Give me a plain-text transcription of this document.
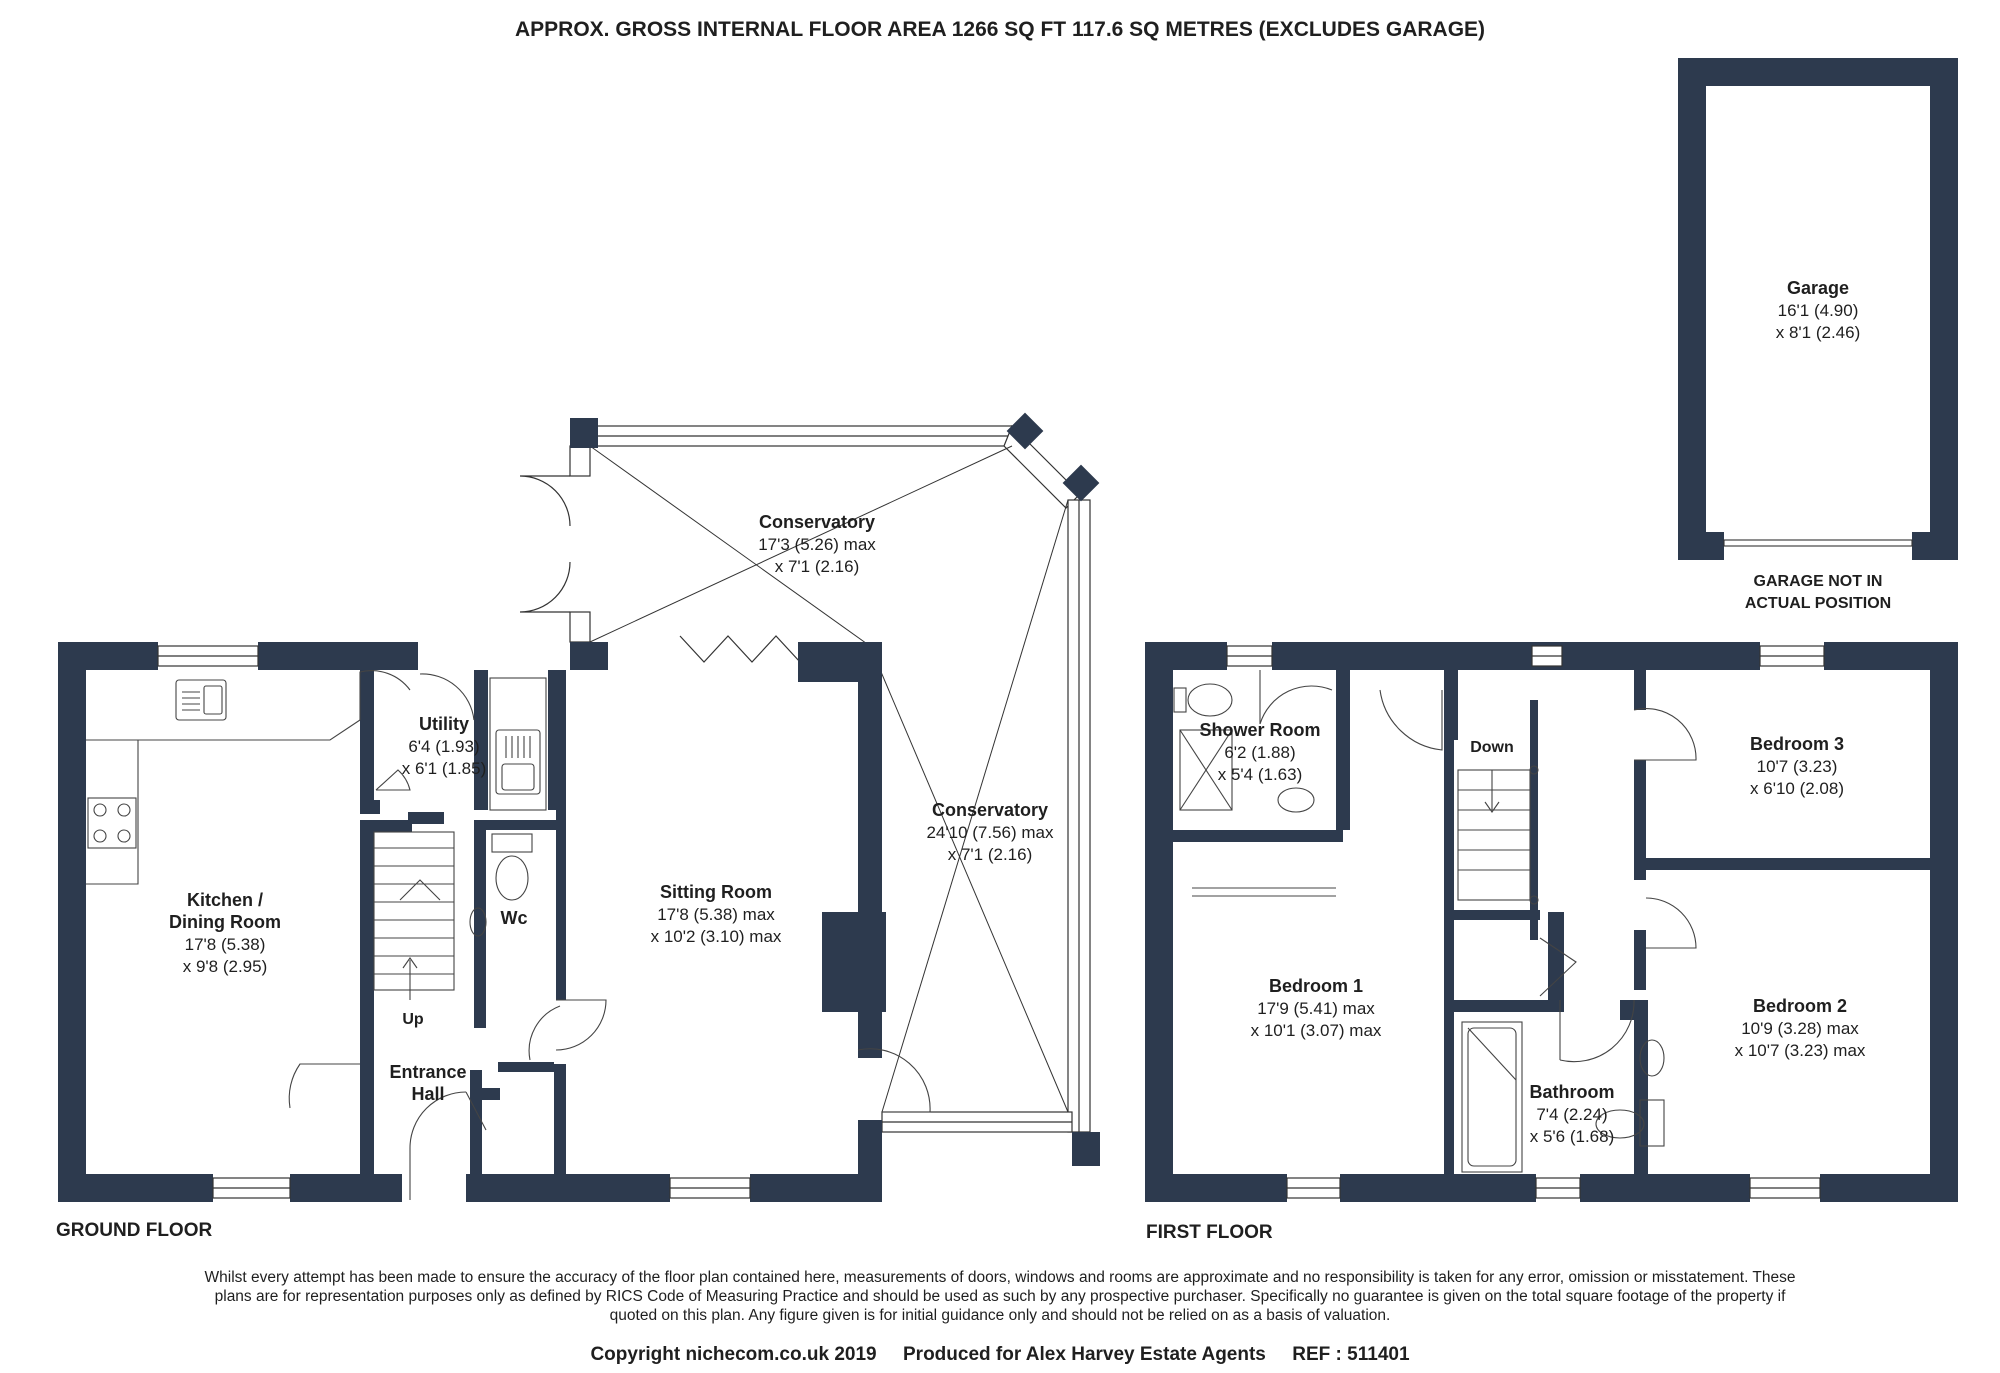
APPROX. GROSS INTERNAL FLOOR AREA 1266 SQ FT 117.6 SQ METRES (EXCLUDES GARAGE)
Kitchen /
Dining Room
17'8 (5.38)
x 9'8 (2.95)
Utility
6'4 (1.93)
x 6'1 (1.85)
Wc
Up
Entrance
Hall
Sitting Room
17'8 (5.38) max
x 10'2 (3.10) max
Conservatory
17'3 (5.26) max
x 7'1 (2.16)
Conservatory
24'10 (7.56) max
x 7'1 (2.16)
Garage
16'1 (4.90)
x 8'1 (2.46)
GARAGE NOT IN
ACTUAL POSITION
Shower Room
6'2 (1.88)
x 5'4 (1.63)
Down	Bedroom 3
10'7 (3.23)
x 6'10 (2.08)
Bedroom 1
17'9 (5.41) max
x 10'1 (3.07) max
Bedroom 2
10'9 (3.28) max
x 10'7 (3.23) max
Bathroom
7'4 (2.24)
x 5'6 (1.68)
GROUND FLOOR	FIRST FLOOR
Whilst every attempt has been made to ensure the accuracy of the floor plan contained here, measurements of doors, windows and rooms are approximate and no responsibility is taken for any error, omission or misstatement. These plans are for representation purposes only as defined by RICS Code of Measuring Practice and should be used as such by any prospective purchaser. Specifically no guarantee is given on the total square footage of the property if quoted on this plan. Any figure given is for initial guidance only and should not be relied on as a basis of valuation.
Copyright nichecom.co.uk 2019 Produced for Alex Harvey Estate Agents REF : 511401
